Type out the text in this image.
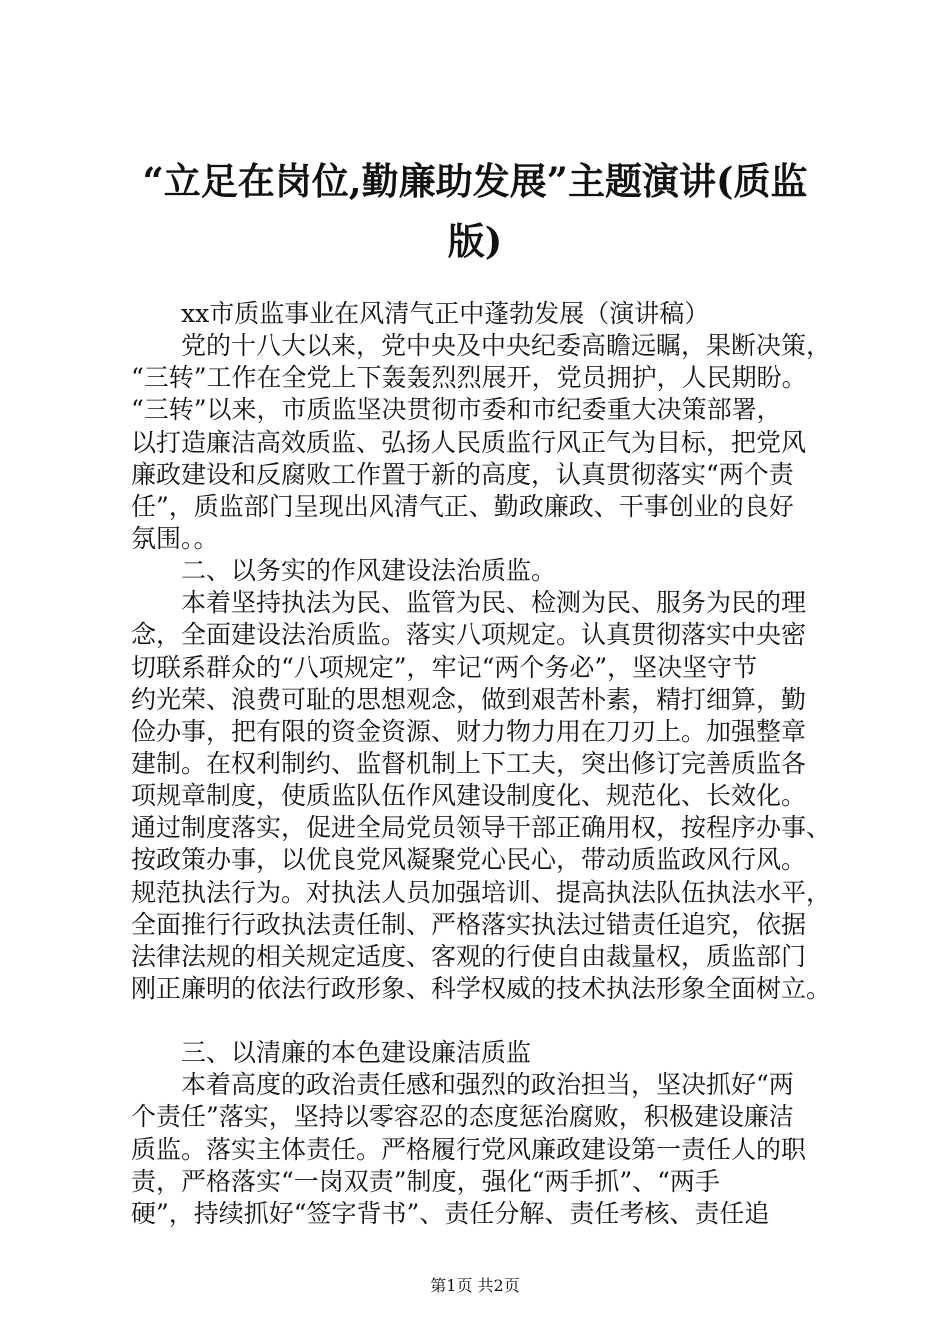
“立足在岗位,勤廉助发展”主题演讲(质监
版)
xx市质监事业在风清气正中蓬勃发展（演讲稿）
党的十八大以来，党中央及中央纪委高瞻远瞩，果断决策，
“三转”工作在全党上下轰轰烈烈展开，党员拥护，人民期盼。
“三转”以来，市质监坚决贯彻市委和市纪委重大决策部署，
以打造廉洁高效质监、弘扬人民质监行风正气为目标，把党风
廉政建设和反腐败工作置于新的高度，认真贯彻落实“两个责
任”，质监部门呈现出风清气正、勤政廉政、干事创业的良好
氛围。。
二、以务实的作风建设法治质监。
本着坚持执法为民、监管为民、检测为民、服务为民的理
念，全面建设法治质监。落实八项规定。认真贯彻落实中央密
切联系群众的“八项规定”，牢记“两个务必”，坚决坚守节
约光荣、浪费可耻的思想观念，做到艰苦朴素，精打细算，勤
俭办事，把有限的资金资源、财力物力用在刀刃上。加强整章
建制。在权利制约、监督机制上下工夫，突出修订完善质监各
项规章制度，使质监队伍作风建设制度化、规范化、长效化。
通过制度落实，促进全局党员领导干部正确用权，按程序办事、
按政策办事，以优良党风凝聚党心民心，带动质监政风行风。
规范执法行为。对执法人员加强培训、提高执法队伍执法水平，
全面推行行政执法责任制、严格落实执法过错责任追究，依据
法律法规的相关规定适度、客观的行使自由裁量权，质监部门
刚正廉明的依法行政形象、科学权威的技术执法形象全面树立。
三、以清廉的本色建设廉洁质监
本着高度的政治责任感和强烈的政治担当，坚决抓好“两
个责任”落实，坚持以零容忍的态度惩治腐败，积极建设廉洁
质监。落实主体责任。严格履行党风廉政建设第一责任人的职
责，严格落实“一岗双责”制度，强化“两手抓”、“两手
硬”，持续抓好“签字背书”、责任分解、责任考核、责任追
第1页 共2页
